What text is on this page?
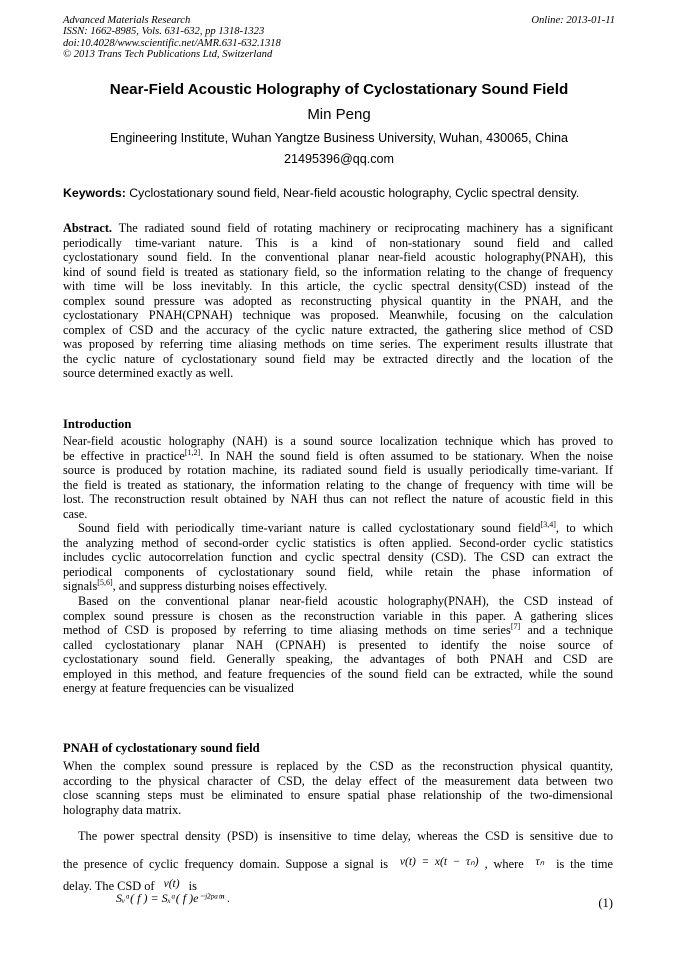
Advanced Materials Research
ISSN: 1662-8985, Vols. 631-632, pp 1318-1323
doi:10.4028/www.scientific.net/AMR.631-632.1318
© 2013 Trans Tech Publications Ltd, Switzerland
Online: 2013-01-11
Near-Field Acoustic Holography of Cyclostationary Sound Field
Min Peng
Engineering Institute, Wuhan Yangtze Business University, Wuhan, 430065, China
21495396@qq.com
Keywords: Cyclostationary sound field, Near-field acoustic holography, Cyclic spectral density.
Abstract. The radiated sound field of rotating machinery or reciprocating machinery has a significant
periodically time-variant nature. This is a kind of non-stationary sound field and called
cyclostationary sound field. In the conventional planar near-field acoustic holography(PNAH), this
kind of sound field is treated as stationary field, so the information relating to the change of frequency
with time will be loss inevitably. In this article, the cyclic spectral density(CSD) instead of the
complex sound pressure was adopted as reconstructing physical quantity in the PNAH, and the
cyclostationary PNAH(CPNAH) technique was proposed. Meanwhile, focusing on the calculation
complex of CSD and the accuracy of the cyclic nature extracted, the gathering slice method of CSD
was proposed by referring time aliasing methods on time series. The experiment results illustrate that
the cyclic nature of cyclostationary sound field may be extracted directly and the location of the
source determined exactly as well.
Introduction
Near-field acoustic holography (NAH) is a sound source localization technique which has proved to
be effective in practice[1,2]. In NAH the sound field is often assumed to be stationary. When the noise
source is produced by rotation machine, its radiated sound field is usually periodically time-variant. If
the field is treated as stationary, the information relating to the change of frequency with time will be
lost. The reconstruction result obtained by NAH thus can not reflect the nature of acoustic field in this
case.
Sound field with periodically time-variant nature is called cyclostationary sound field[3,4], to which
the analyzing method of second-order cyclic statistics is often applied. Second-order cyclic statistics
includes cyclic autocorrelation function and cyclic spectral density (CSD). The CSD can extract the
periodical components of cyclostationary sound field, while retain the phase information of
signals[5,6], and suppress disturbing noises effectively.
Based on the conventional planar near-field acoustic holography(PNAH), the CSD instead of
complex sound pressure is chosen as the reconstruction variable in this paper. A gathering slices
method of CSD is proposed by referring to time aliasing methods on time series[7] and a technique
called cyclostationary planar NAH (CPNAH) is presented to identify the noise source of
cyclostationary sound field. Generally speaking, the advantages of both PNAH and CSD are
employed in this method, and feature frequencies of the sound field can be extracted, while the sound
energy at feature frequencies can be visualized
PNAH of cyclostationary sound field
When the complex sound pressure is replaced by the CSD as the reconstruction physical quantity,
according to the physical character of CSD, the delay effect of the measurement data between two
close scanning steps must be eliminated to ensure spatial phase relationship of the two-dimensional
holography data matrix.
The power spectral density (PSD) is insensitive to time delay, whereas the CSD is sensitive due to
the presence of cyclic frequency domain. Suppose a signal is v(t) = x(t − τₙ) , where τₙ is the time
delay. The CSD of v(t) is
Sᵥᵅ( f ) = Sₓᵅ( f )e⁻ʲ²ᵖᵃᵗⁿ .	(1)
